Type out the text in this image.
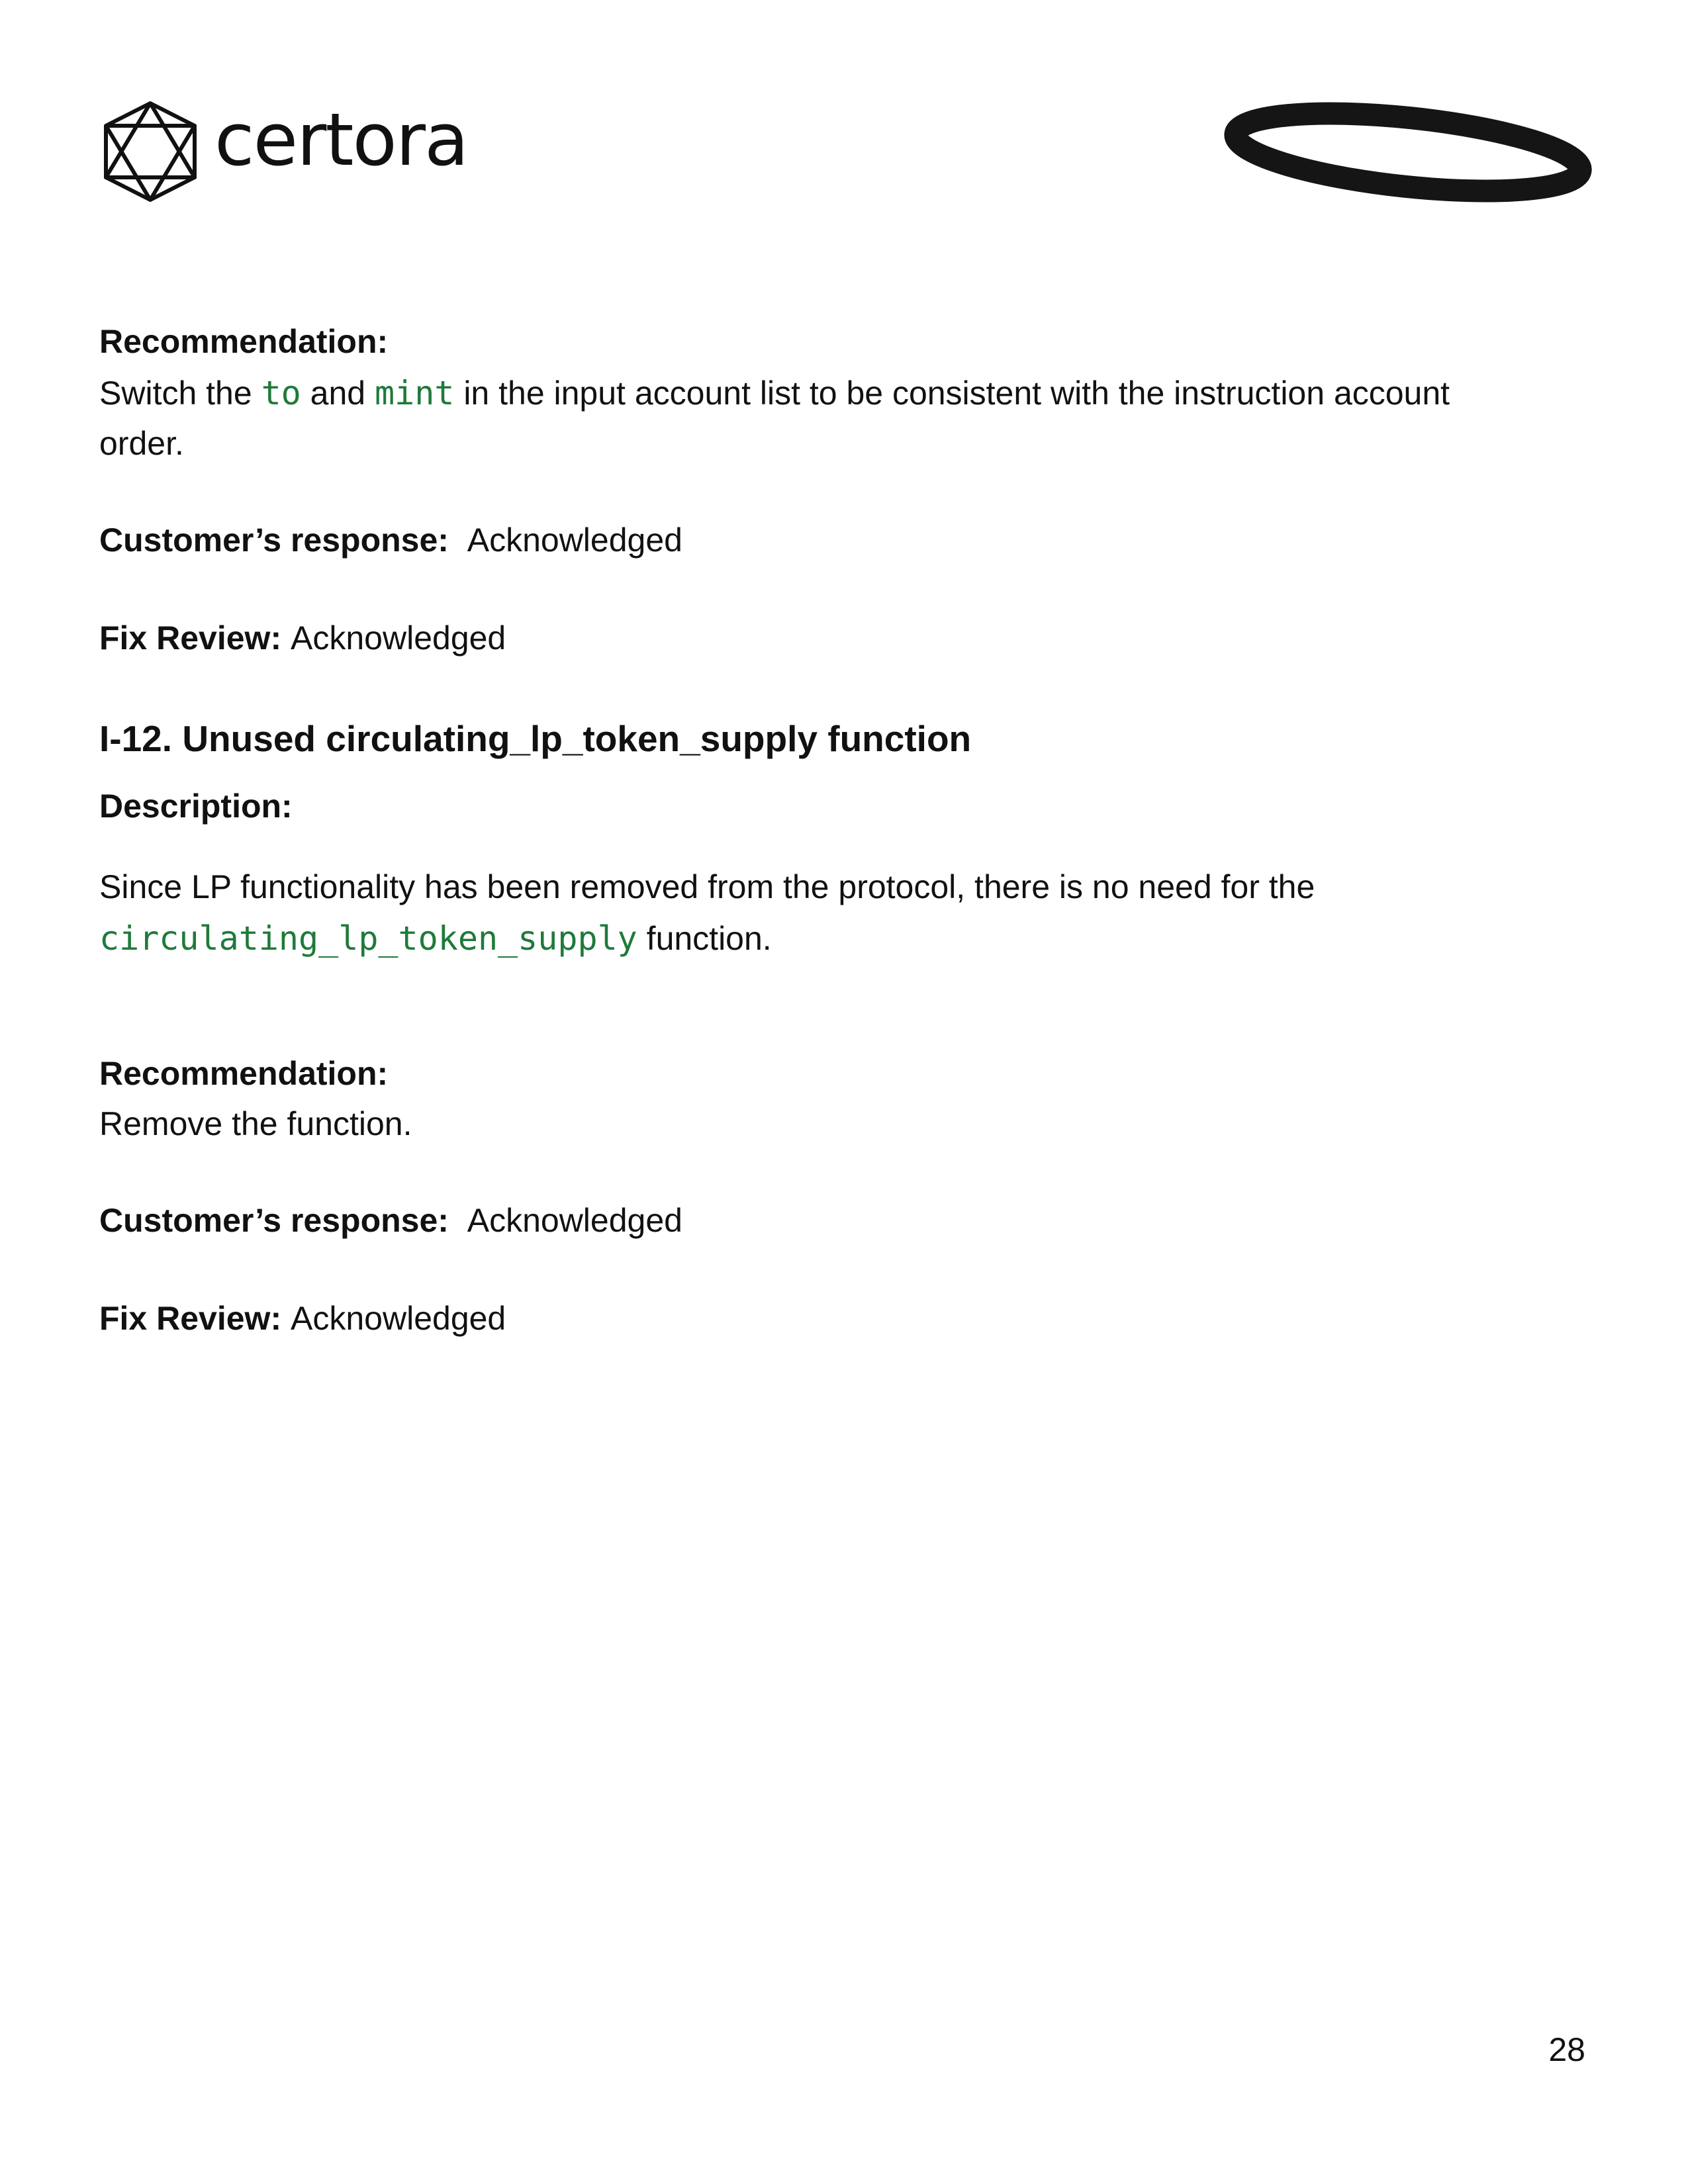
certora
Recommendation:
Switch the to and mint in the input account list to be consistent with the instruction account
order.
Customer’s response: Acknowledged
Fix Review: Acknowledged
I-12. Unused circulating_lp_token_supply function
Description:
Since LP functionality has been removed from the protocol, there is no need for the
circulating_lp_token_supply function.
Recommendation:
Remove the function.
Customer’s response: Acknowledged
Fix Review: Acknowledged
28
